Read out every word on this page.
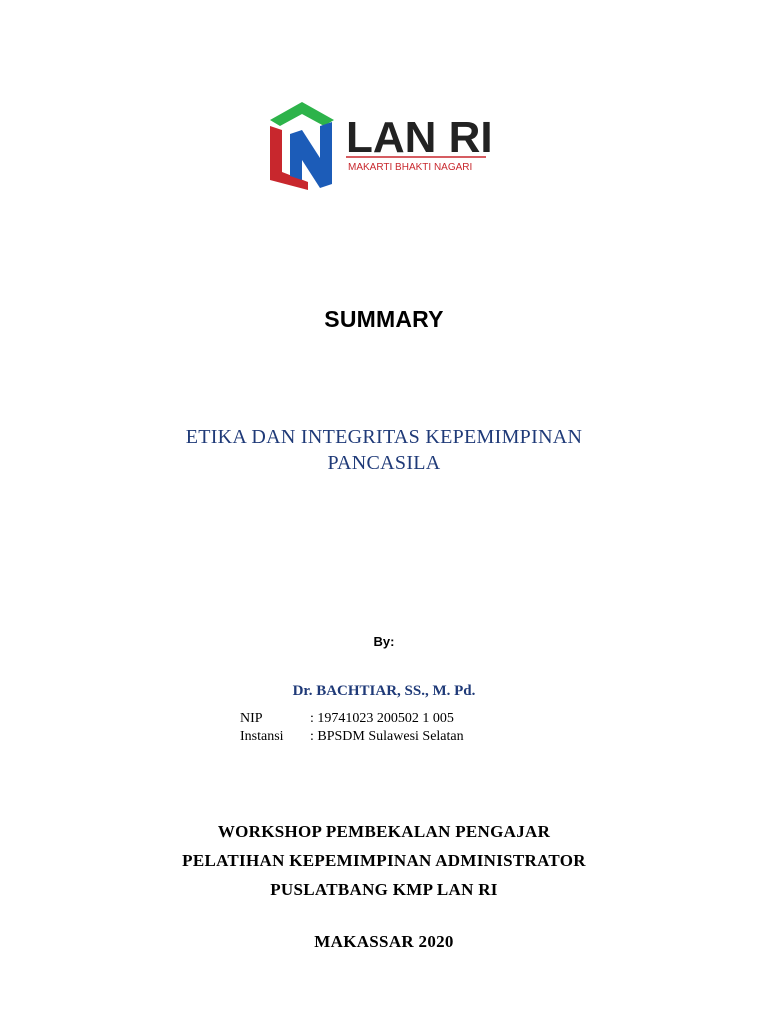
LAN RI
MAKARTI BHAKTI NAGARI
SUMMARY
ETIKA DAN INTEGRITAS KEPEMIMPINAN
PANCASILA
By:
Dr. BACHTIAR, SS., M. Pd.
NIP	: 19741023 200502 1 005
Instansi	: BPSDM Sulawesi Selatan
WORKSHOP PEMBEKALAN PENGAJAR
PELATIHAN KEPEMIMPINAN ADMINISTRATOR
PUSLATBANG KMP LAN RI
MAKASSAR 2020
